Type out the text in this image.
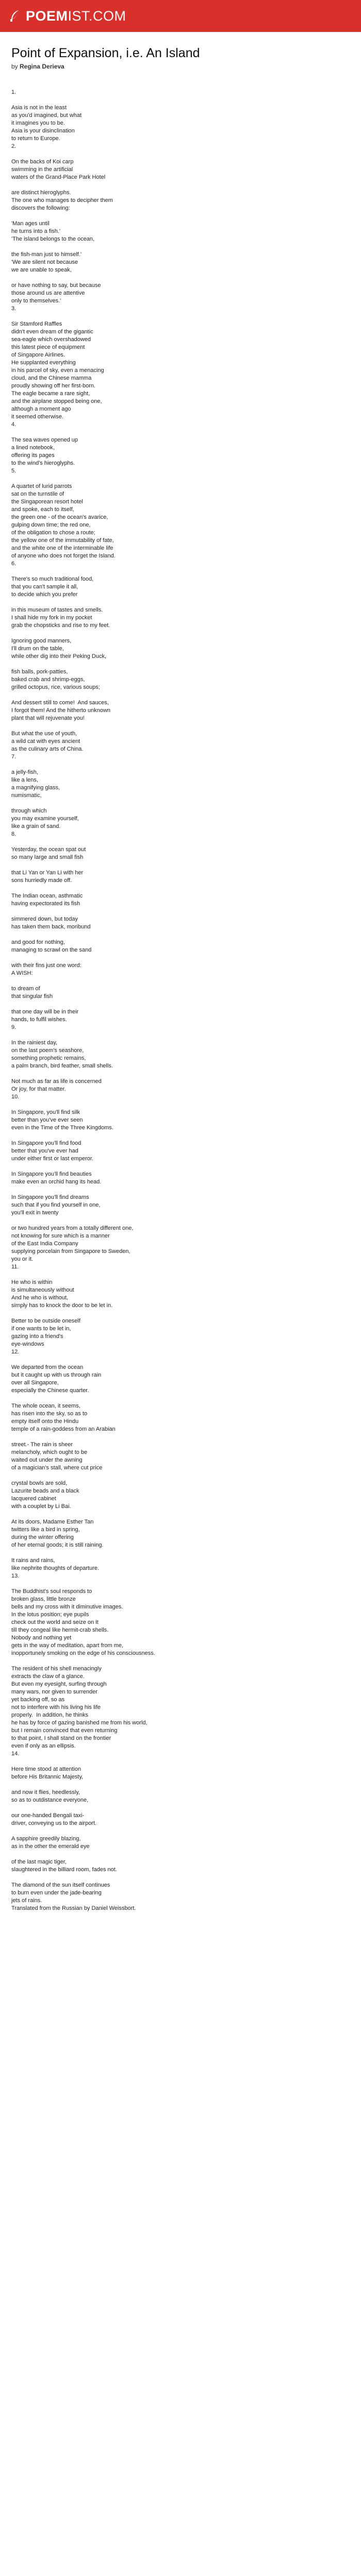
POEMIST.COM
Point of Expansion, i.e. An Island
by Regina Derieva
1.
Asia is not in the least
as you'd imagined, but what
it imagines you to be.
Asia is your disinclination
to return to Europe.
2.
On the backs of Koi carp
swimming in the artificial
waters of the Grand-Place Park Hotel
are distinct hieroglyphs.
The one who manages to decipher them
discovers the following:
'Man ages until
he turns into a fish.'
'The island belongs to the ocean,
the fish-man just to himself.'
'We are silent not because
we are unable to speak,
or have nothing to say, but because
those around us are attentive
only to themselves.'
3.
Sir Stamford Raffles
didn't even dream of the gigantic
sea-eagle which overshadowed
this latest piece of equipment
of Singapore Airlines.
He supplanted everything
in his parcel of sky, even a menacing
cloud, and the Chinese mamma
proudly showing off her first-born.
The eagle became a rare sight,
and the airplane stopped being one,
although a moment ago
it seemed otherwise.
4.
The sea waves opened up
a lined notebook,
offering its pages
to the wind's hieroglyphs.
5.
A quartet of lurid parrots
sat on the turnstile of
the Singaporean resort hotel
and spoke, each to itself,
the green one - of the ocean's avarice,
gulping down time; the red one,
of the obligation to chose a route;
the yellow one of the immutability of fate,
and the white one of the interminable life
of anyone who does not forget the Island.
6.
There's so much traditional food,
that you can't sample it all,
to decide which you prefer
in this museum of tastes and smells.
I shall hide my fork in my pocket
grab the chopsticks and rise to my feet.
Ignoring good manners,
I'll drum on the table,
while other dig into their Peking Duck,
fish balls, pork-patties,
baked crab and shrimp-eggs,
grilled octopus, rice, various soups;
And dessert still to come!  And sauces,
I forgot them! And the hitherto unknown
plant that will rejuvenate you!
But what the use of youth,
a wild cat with eyes ancient
as the culinary arts of China.
7.
a jelly-fish,
like a lens,
a magnifying glass,
numismatic,
through which
you may examine yourself,
like a grain of sand.
8.
Yesterday, the ocean spat out
so many large and small fish
that Li Yan or Yan Li with her
sons hurriedly made off.
The Indian ocean, asthmatic
having expectorated its fish
simmered down, but today
has taken them back, moribund
and good for nothing,
managing to scrawl on the sand
with their fins just one word:
A WISH:
to dream of
that singular fish
that one day will be in their
hands, to fulfil wishes.
9.
In the rainiest day,
on the last poem's seashore,
something prophetic remains,
a palm branch, bird feather, small shells.
Not much as far as life is concerned
Or joy, for that matter.
10.
In Singapore, you'll find silk
better than you've ever seen
even in the Time of the Three Kingdoms.
In Singapore you'll find food
better that you've ever had
under either first or last emperor.
In Singapore you'll find beauties
make even an orchid hang its head.
In Singapore you'll find dreams
such that if you find yourself in one,
you'll exit in twenty
or two hundred years from a totally different one,
not knowing for sure which is a manner
of the East India Company
supplying porcelain from Singapore to Sweden,
you or it.
11.
He who is within
is simultaneously without
And he who is without,
simply has to knock the door to be let in.
Better to be outside oneself
if one wants to be let in,
gazing into a friend's
eye-windows
12.
We departed from the ocean
but it caught up with us through rain
over all Singapore,
especially the Chinese quarter.
The whole ocean, it seems,
has risen into the sky, so as to
empty itself onto the Hindu
temple of a rain-goddess from an Arabian
street.- The rain is sheer
melancholy, which ought to be
waited out under the awning
of a magician's stall, where cut price
crystal bowls are sold,
Lazurite beads and a black
lacquered cabinet
with a couplet by Li Bai.
At its doors, Madame Esther Tan
twitters like a bird in spring,
during the winter offering
of her eternal goods; it is still raining.
It rains and rains,
like nephrite thoughts of departure.
13.
The Buddhist's soul responds to
broken glass, little bronze
bells and my cross with it diminutive images.
In the lotus position; eye pupils
check out the world and seize on it
till they congeal like hermit-crab shells.
Nobody and nothing yet
gets in the way of meditation, apart from me,
inopportunely smoking on the edge of his consciousness.
The resident of his shell menacingly
extracts the claw of a glance.
But even my eyesight, surfing through
many wars, nor given to surrender
yet backing off, so as
not to interfere with his living his life
properly.  In addition, he thinks
he has by force of gazing banished me from his world,
but I remain convinced that even returning
to that point, I shall stand on the frontier
even if only as an ellipsis.
14.
Here time stood at attention
before His Britannic Majesty,
and now it flies, heedlessly,
so as to outdistance everyone,
our one-handed Bengali taxi-
driver, conveying us to the airport.
A sapphire greedily blazing,
as in the other the emerald eye
of the last magic tiger,
slaughtered in the billiard room, fades not.
The diamond of the sun itself continues
to burn even under the jade-bearing
jets of rains.
Translated from the Russian by Daniel Weissbort.
